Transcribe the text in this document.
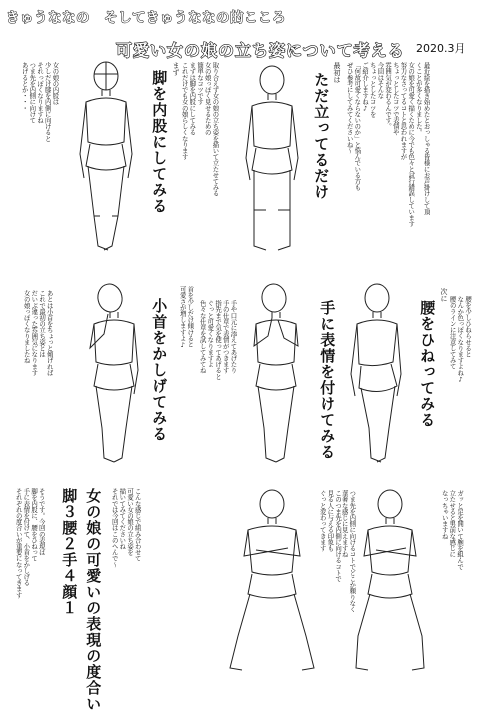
きゅうななの　そしてきゅうななの的こころ
可愛い女の娘の立ち姿について考える 2020.3月
脚を内股にしてみる
まず	取り合えず女の娘の立ち姿を描いて立たせてみる
女の娘っぽく見せるための
簡単なコツです
まずは脚を内股にしてみる
これだけでも女の娘らしくなります
女の娘の内股は
少しだけ膝を内側に向けると
それっぽくなりますね
つま先を内側に向けて
あげるとか・・・	ただ立ってるだけ 最初は	最近絵を描き始めたとおっしゃる皆様にお声掛けして頂
くことが多くなりました。
女の娘を可愛く描くために今でも色々と試行錯誤しています
努力なさってるコトと思われますが
ちょっとしたコツで表情や
雰囲気が変わるんです。
今回はそんな
ちょっとしたコツを
ご紹介しますね♪
「何故可愛くならないのか」と悩んでいる方も
ぜひ参考にしてみてくださいね〜
小首をかしげてみる
あとは小首をちょっと傾げれば
これで最初の立ち姿とは
だいぶ違った雰囲気になります
女の娘っぽくなりましたね	首を少しだけ傾けると
可愛さが増しますよ♪	手や口元に添えてあげたり
手の仕草で表情がつきます
指先まで気を使ってあげると
ぐっと可愛くなりますよ
色々な仕草を試してみてね	手に表情を付けてみる	腰をひねってみる
次に
腰を少しひねらせると
なんか色っぽくなりますよね♪
腰のラインに注意してみて
そうです。今回の表現は
脚を内股に、腰をひねって
手に表情を付けて、小首をかしげる
それぞれの度合いが重要になってきます	脚３腰２手４顔１ 女の娘の可愛いの表現の度合い	こんな感じで組み合わせて
可愛い女の娘の立ち姿を
描いてみてくださいね
それでは今回はこのへんで〜	このつま先を内側に向けるコトで
見る人に与える印象も
ぐっと変わってきます	つま先を内側に向けるコトでどこか頼りなく
華奢な感じに見えますね	ガッと足を開いて腕を組んで
立たせると男前な感じに
なっちゃいますね
